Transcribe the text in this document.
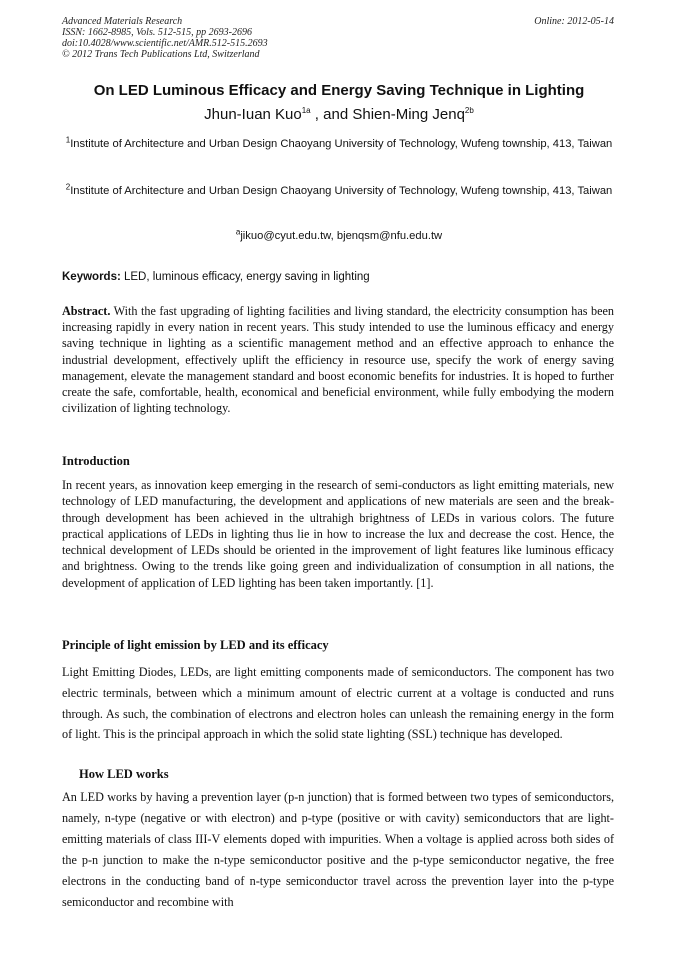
Advanced Materials Research
ISSN: 1662-8985, Vols. 512-515, pp 2693-2696
doi:10.4028/www.scientific.net/AMR.512-515.2693
© 2012 Trans Tech Publications Ltd, Switzerland
Online: 2012-05-14
On LED Luminous Efficacy and Energy Saving Technique in Lighting
Jhun-Iuan Kuo$^{1a}$ , and Shien-Ming Jenq$^{2b}$
$^1$Institute of Architecture and Urban Design Chaoyang University of Technology, Wufeng township, 413, Taiwan
$^2$Institute of Architecture and Urban Design Chaoyang University of Technology, Wufeng township, 413, Taiwan
$^a$jikuo@cyut.edu.tw, bjenqsm@nfu.edu.tw
Keywords: LED, luminous efficacy, energy saving in lighting
Abstract. With the fast upgrading of lighting facilities and living standard, the electricity consumption has been increasing rapidly in every nation in recent years. This study intended to use the luminous efficacy and energy saving technique in lighting as a scientific management method and an effective approach to enhance the industrial development, effectively uplift the efficiency in resource use, specify the work of energy saving management, elevate the management standard and boost economic benefits for industries. It is hoped to further create the safe, comfortable, health, economical and beneficial environment, while fully embodying the modern civilization of lighting technology.
Introduction
In recent years, as innovation keep emerging in the research of semi-conductors as light emitting materials, new technology of LED manufacturing, the development and applications of new materials are seen and the break-through development has been achieved in the ultrahigh brightness of LEDs in various colors. The future practical applications of LEDs in lighting thus lie in how to increase the lux and decrease the cost. Hence, the technical development of LEDs should be oriented in the improvement of light features like luminous efficacy and brightness. Owing to the trends like going green and individualization of consumption in all nations, the development of application of LED lighting has been taken importantly. [1].
Principle of light emission by LED and its efficacy
Light Emitting Diodes, LEDs, are light emitting components made of semiconductors. The component has two electric terminals, between which a minimum amount of electric current at a voltage is conducted and runs through. As such, the combination of electrons and electron holes can unleash the remaining energy in the form of light. This is the principal approach in which the solid state lighting (SSL) technique has developed.
How LED works
An LED works by having a prevention layer (p-n junction) that is formed between two types of semiconductors, namely, n-type (negative or with electron) and p-type (positive or with cavity) semiconductors that are light-emitting materials of class III-V elements doped with impurities. When a voltage is applied across both sides of the p-n junction to make the n-type semiconductor positive and the p-type semiconductor negative, the free electrons in the conducting band of n-type semiconductor travel across the prevention layer into the p-type semiconductor and recombine with
